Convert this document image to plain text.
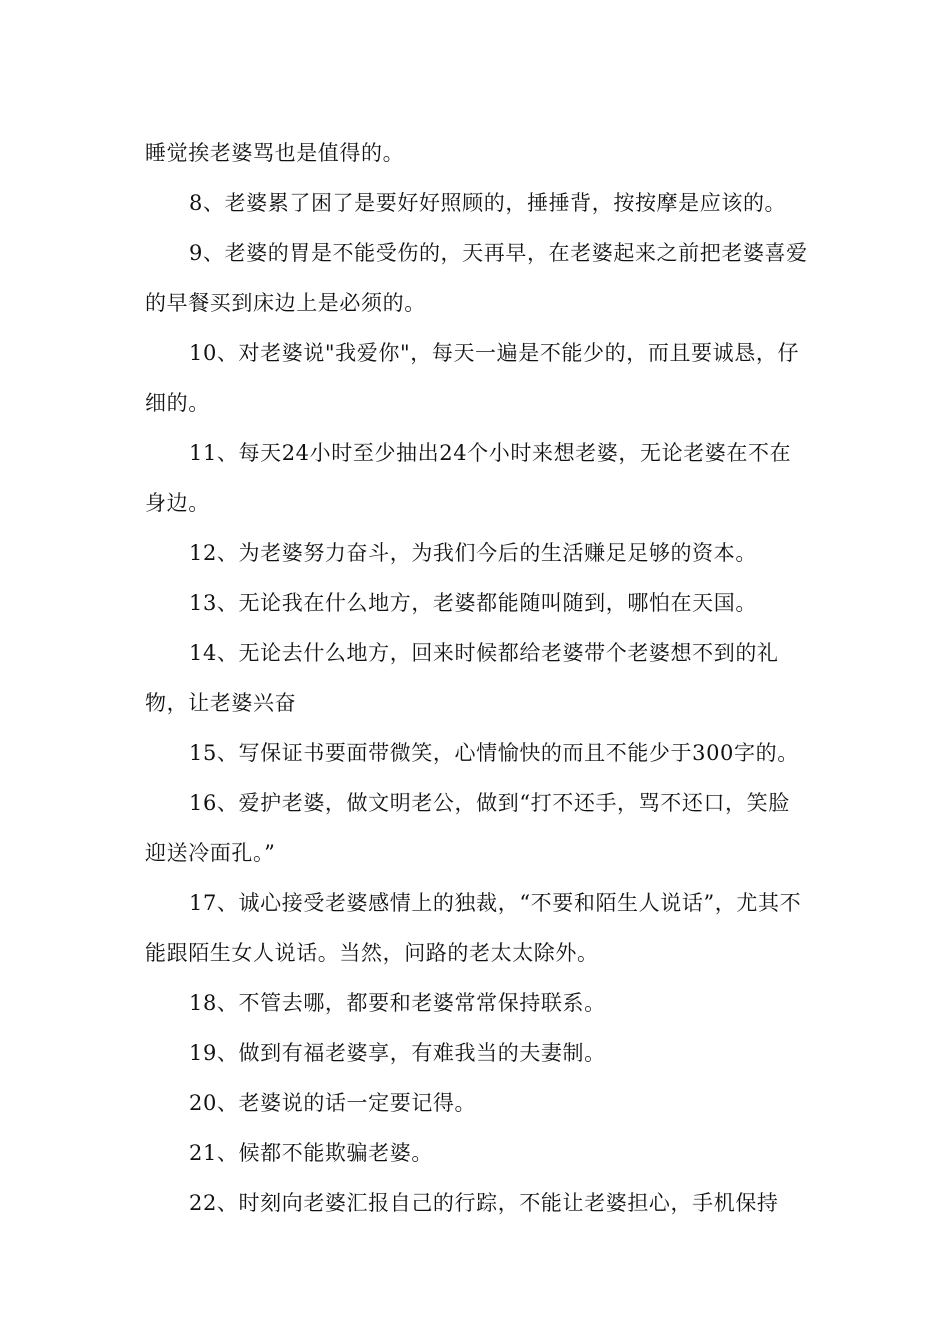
睡觉挨老婆骂也是值得的。

8、老婆累了困了是要好好照顾的，捶捶背，按按摩是应该的。

9、老婆的胃是不能受伤的，天再早，在老婆起来之前把老婆喜爱的早餐买到床边上是必须的。

10、对老婆说"我爱你"，每天一遍是不能少的，而且要诚恳，仔细的。

11、每天24小时至少抽出24个小时来想老婆，无论老婆在不在身边。

12、为老婆努力奋斗，为我们今后的生活赚足足够的资本。

13、无论我在什么地方，老婆都能随叫随到，哪怕在天国。

14、无论去什么地方，回来时候都给老婆带个老婆想不到的礼物，让老婆兴奋

15、写保证书要面带微笑，心情愉快的而且不能少于300字的。

16、爱护老婆，做文明老公，做到“打不还手，骂不还口，笑脸迎送冷面孔。”

17、诚心接受老婆感情上的独裁，“不要和陌生人说话”，尤其不能跟陌生女人说话。当然，问路的老太太除外。

18、不管去哪，都要和老婆常常保持联系。

19、做到有福老婆享，有难我当的夫妻制。

20、老婆说的话一定要记得。

21、候都不能欺骗老婆。

22、时刻向老婆汇报自己的行踪，不能让老婆担心，手机保持
